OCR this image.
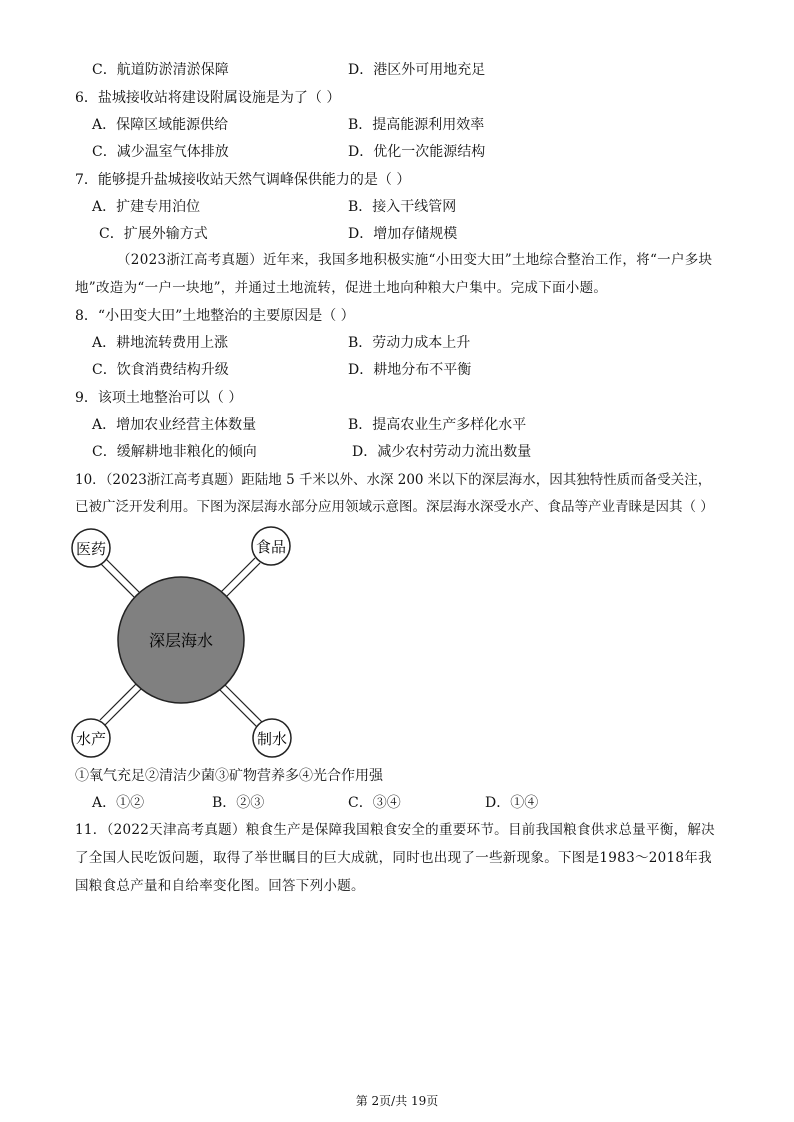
C．航道防淤清淤保障	D．港区外可用地充足
6．盐城接收站将建设附属设施是为了（ ）
A．保障区域能源供给	B．提高能源利用效率
C．减少温室气体排放	D．优化一次能源结构
7．能够提升盐城接收站天然气调峰保供能力的是（ ）
A．扩建专用泊位	B．接入干线管网
C．扩展外输方式	D．增加存储规模
（2023浙江高考真题）近年来，我国多地积极实施“小田变大田”土地综合整治工作，将“一户多块地”改造为“一户一块地”，并通过土地流转，促进土地向种粮大户集中。完成下面小题。
8．“小田变大田”土地整治的主要原因是（ ）
A．耕地流转费用上涨	B．劳动力成本上升
C．饮食消费结构升级	D．耕地分布不平衡
9．该项土地整治可以（ ）
A．增加农业经营主体数量	B．提高农业生产多样化水平
C．缓解耕地非粮化的倾向	D．减少农村劳动力流出数量
10．（2023浙江高考真题）距陆地 5 千米以外、水深 200 米以下的深层海水，因其独特性质而备受关注，
已被广泛开发利用。下图为深层海水部分应用领域示意图。深层海水深受水产、食品等产业青睐是因其（ ）
深层海水
医药	食品
水产	制水
①氧气充足②清洁少菌③矿物营养多④光合作用强
A．①②	B．②③	C．③④	D．①④
11．（2022天津高考真题）粮食生产是保障我国粮食安全的重要环节。目前我国粮食供求总量平衡，解决了全国人民吃饭问题，取得了举世瞩目的巨大成就，同时也出现了一些新现象。下图是1983～2018年我国粮食总产量和自给率变化图。回答下列小题。
第 2页/共 19页
